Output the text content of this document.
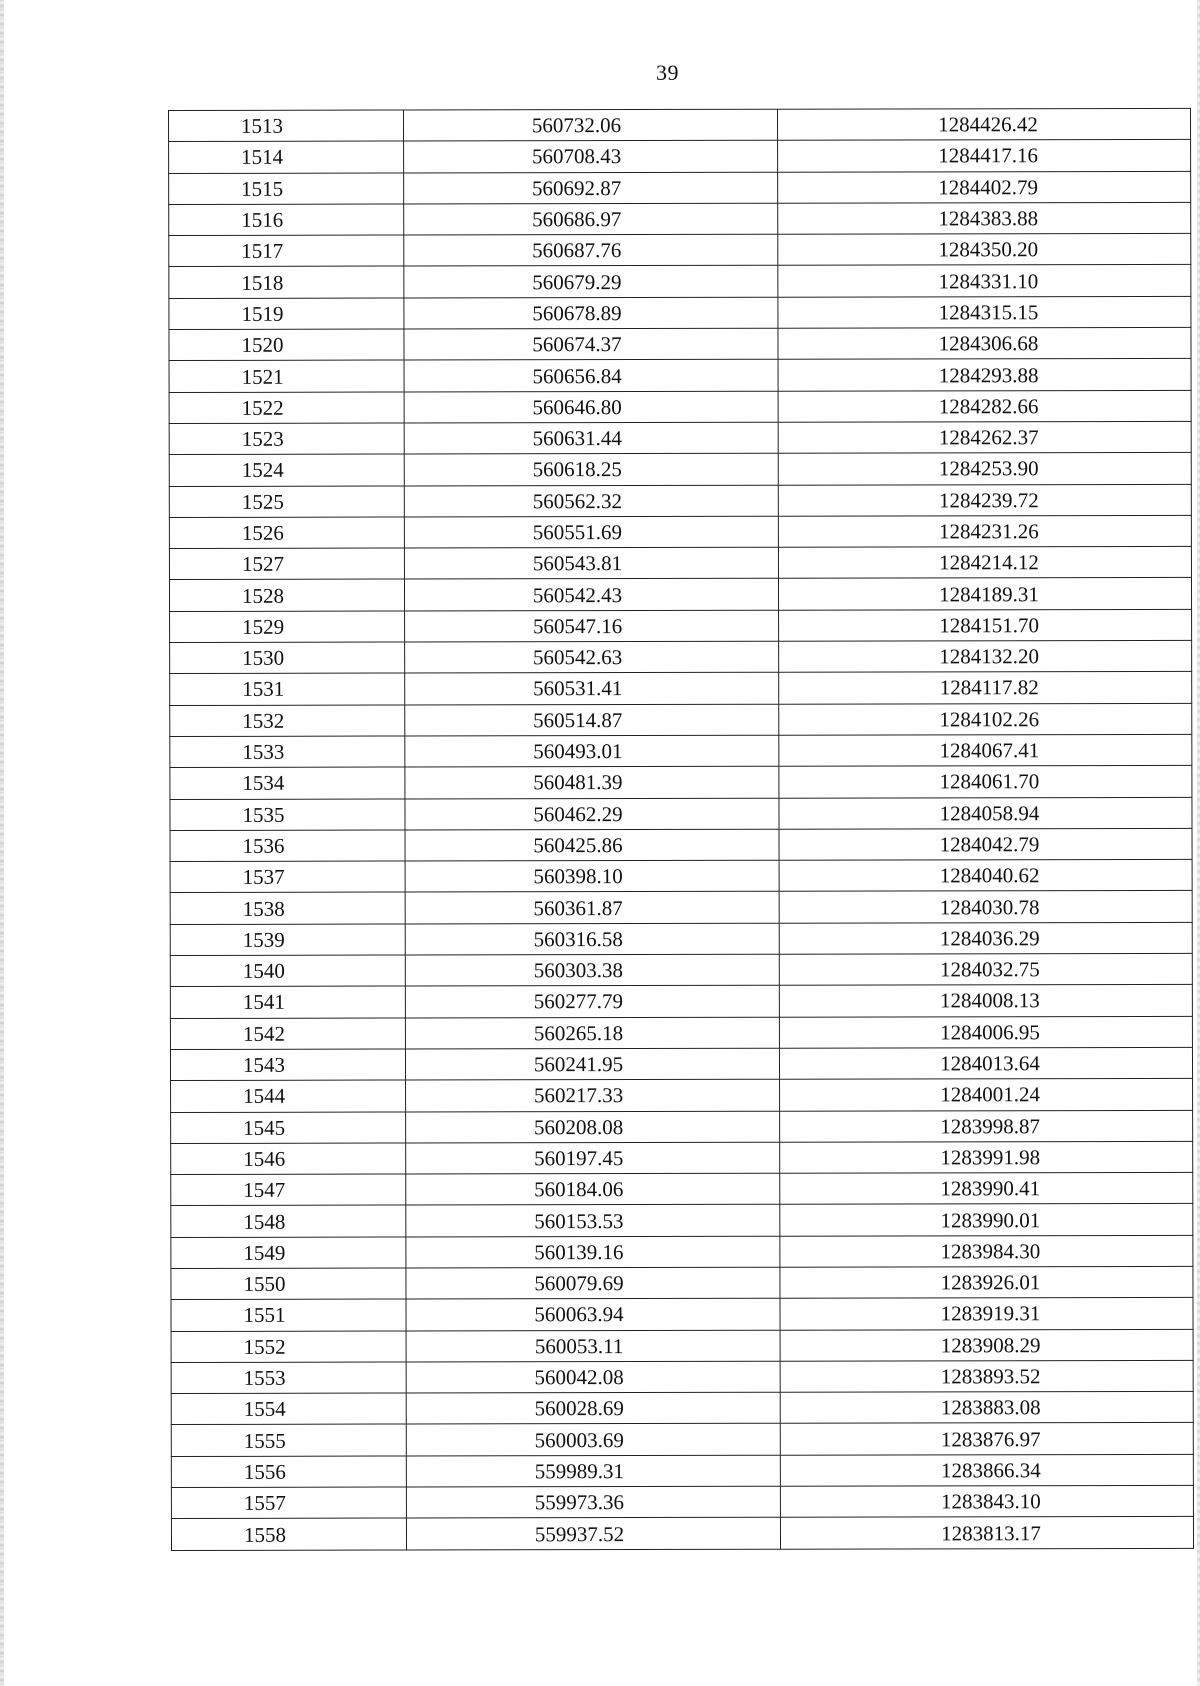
39
1513	560732.06	1284426.42
1514	560708.43	1284417.16
1515	560692.87	1284402.79
1516	560686.97	1284383.88
1517	560687.76	1284350.20
1518	560679.29	1284331.10
1519	560678.89	1284315.15
1520	560674.37	1284306.68
1521	560656.84	1284293.88
1522	560646.80	1284282.66
1523	560631.44	1284262.37
1524	560618.25	1284253.90
1525	560562.32	1284239.72
1526	560551.69	1284231.26
1527	560543.81	1284214.12
1528	560542.43	1284189.31
1529	560547.16	1284151.70
1530	560542.63	1284132.20
1531	560531.41	1284117.82
1532	560514.87	1284102.26
1533	560493.01	1284067.41
1534	560481.39	1284061.70
1535	560462.29	1284058.94
1536	560425.86	1284042.79
1537	560398.10	1284040.62
1538	560361.87	1284030.78
1539	560316.58	1284036.29
1540	560303.38	1284032.75
1541	560277.79	1284008.13
1542	560265.18	1284006.95
1543	560241.95	1284013.64
1544	560217.33	1284001.24
1545	560208.08	1283998.87
1546	560197.45	1283991.98
1547	560184.06	1283990.41
1548	560153.53	1283990.01
1549	560139.16	1283984.30
1550	560079.69	1283926.01
1551	560063.94	1283919.31
1552	560053.11	1283908.29
1553	560042.08	1283893.52
1554	560028.69	1283883.08
1555	560003.69	1283876.97
1556	559989.31	1283866.34
1557	559973.36	1283843.10
1558	559937.52	1283813.17
